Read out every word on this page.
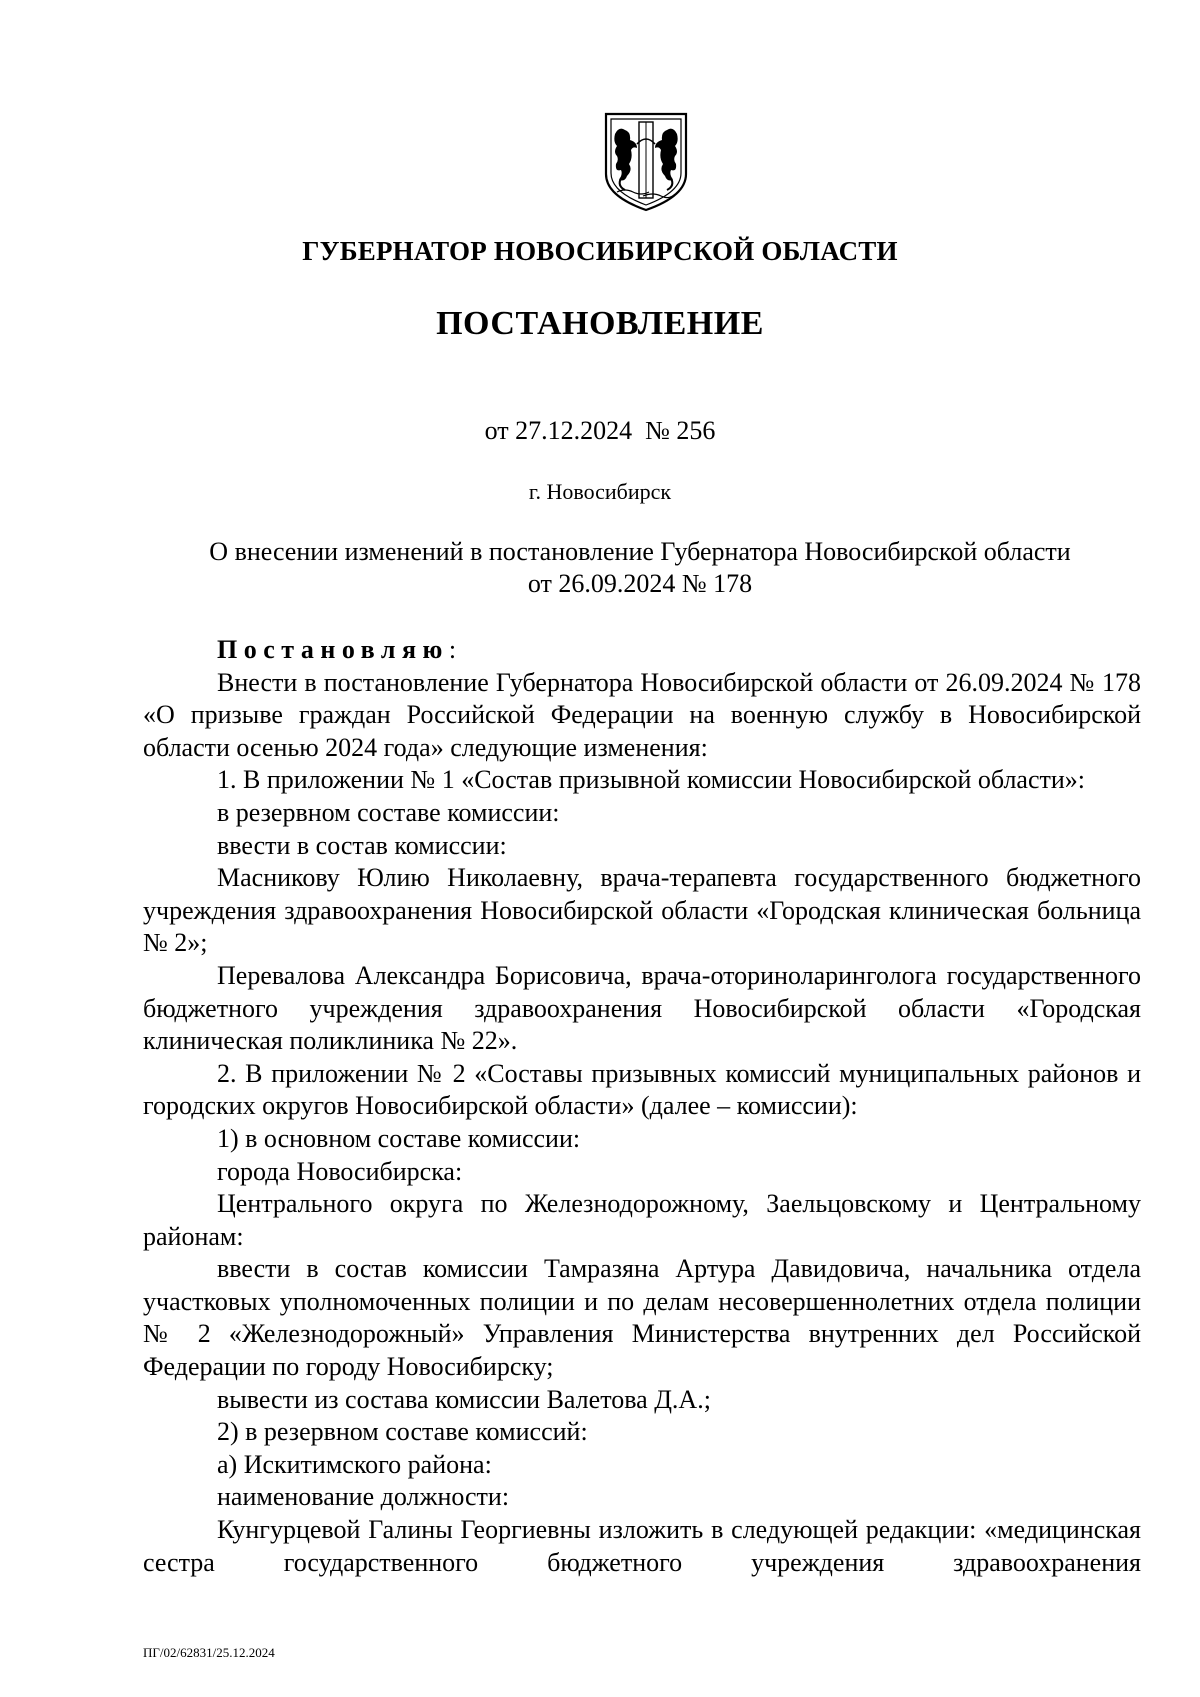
ГУБЕРНАТОР НОВОСИБИРСКОЙ ОБЛАСТИ
ПОСТАНОВЛЕНИЕ
от 27.12.2024  № 256
г. Новосибирск
О внесении изменений в постановление Губернатора Новосибирской области
от 26.09.2024 № 178

Постановляю:

Внести в постановление Губернатора Новосибирской области от 26.09.2024 № 178 «О призыве граждан Российской Федерации на военную службу в Новосибирской области осенью 2024 года» следующие изменения:

1. В приложении № 1 «Состав призывной комиссии Новосибирской области»:

в резервном составе комиссии:

ввести в состав комиссии:

Масникову Юлию Николаевну, врача-терапевта государственного бюджетного учреждения здравоохранения Новосибирской области «Городская клиническая больница № 2»;

Перевалова Александра Борисовича, врача-оториноларинголога государственного бюджетного учреждения здравоохранения Новосибирской области «Городская клиническая поликлиника № 22».

2. В приложении № 2 «Составы призывных комиссий муниципальных районов и городских округов Новосибирской области» (далее – комиссии):

1) в основном составе комиссии:

города Новосибирска:

Центрального округа по Железнодорожному, Заельцовскому и Центральному районам:

ввести в состав комиссии Тамразяна Артура Давидовича, начальника отдела участковых уполномоченных полиции и по делам несовершеннолетних отдела полиции № 2 «Железнодорожный» Управления Министерства внутренних дел Российской Федерации по городу Новосибирску;

вывести из состава комиссии Валетова Д.А.;

2) в резервном составе комиссий:

а) Искитимского района:

наименование должности:

Кунгурцевой Галины Георгиевны изложить в следующей редакции: «медицинская сестра государственного бюджетного учреждения здравоохранения

ПГ/02/62831/25.12.2024
